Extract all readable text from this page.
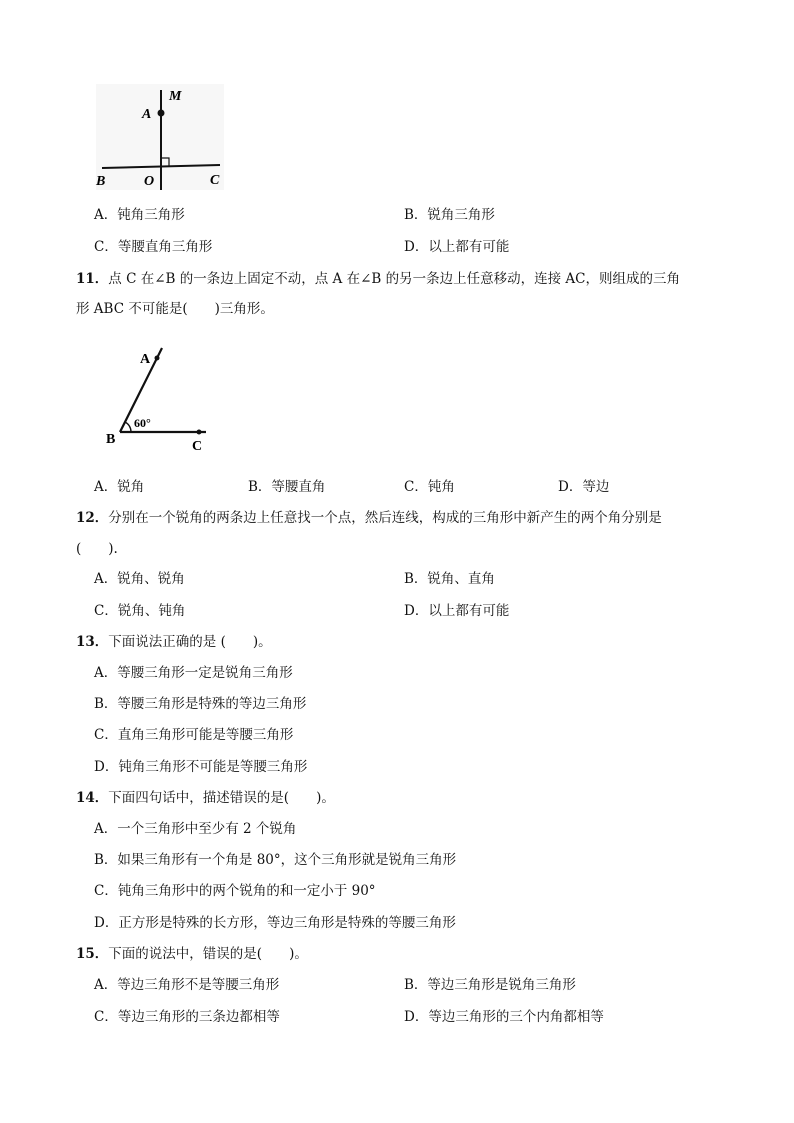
M
A
B	O	C
A．钝角三角形	B．锐角三角形
C．等腰直角三角形	D．以上都有可能
11．点 C 在∠B 的一条边上固定不动，点 A 在∠B 的另一条边上任意移动，连接 AC，则组成的三角
形 ABC 不可能是(　　)三角形。
A
B	C
60°
A．锐角	B．等腰直角	C．钝角	D．等边
12．分别在一个锐角的两条边上任意找一个点，然后连线，构成的三角形中新产生的两个角分别是
(　　).
A．锐角、锐角	B．锐角、直角
C．锐角、钝角	D．以上都有可能
13．下面说法正确的是 (　　)。
A．等腰三角形一定是锐角三角形
B．等腰三角形是特殊的等边三角形
C．直角三角形可能是等腰三角形
D．钝角三角形不可能是等腰三角形
14．下面四句话中，描述错误的是(　　)。
A．一个三角形中至少有 2 个锐角
B．如果三角形有一个角是 80°，这个三角形就是锐角三角形
C．钝角三角形中的两个锐角的和一定小于 90°
D．正方形是特殊的长方形，等边三角形是特殊的等腰三角形
15．下面的说法中，错误的是(　　)。
A．等边三角形不是等腰三角形	B．等边三角形是锐角三角形
C．等边三角形的三条边都相等	D．等边三角形的三个内角都相等
